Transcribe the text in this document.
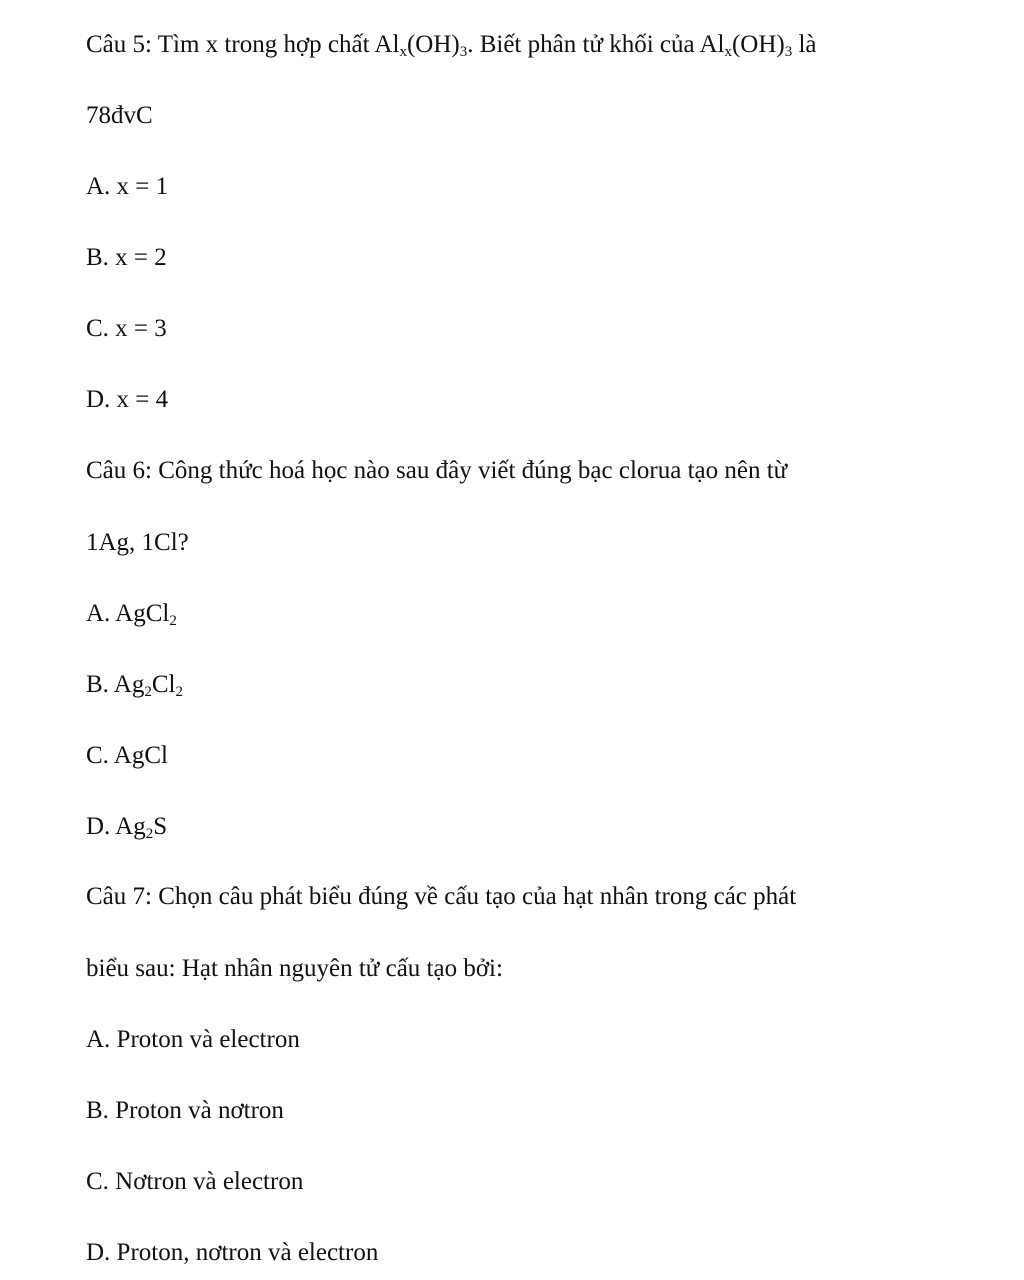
Câu 5: Tìm x trong hợp chất $Al_x(OH)_3$. Biết phân tử khối của $Al_x(OH)_3$ là
78đvC
A. x = 1
B. x = 2
C. x = 3
D. x = 4
Câu 6: Công thức hoá học nào sau đây viết đúng bạc clorua tạo nên từ
1Ag, 1Cl?
A. AgCl$_2$
B. $Ag_2Cl_2$
C. AgCl
D. $Ag_2S$
Câu 7: Chọn câu phát biểu đúng về cấu tạo của hạt nhân trong các phát
biểu sau: Hạt nhân nguyên tử cấu tạo bởi:
A. Proton và electron
B. Proton và nơtron
C. Nơtron và electron
D. Proton, nơtron và electron
